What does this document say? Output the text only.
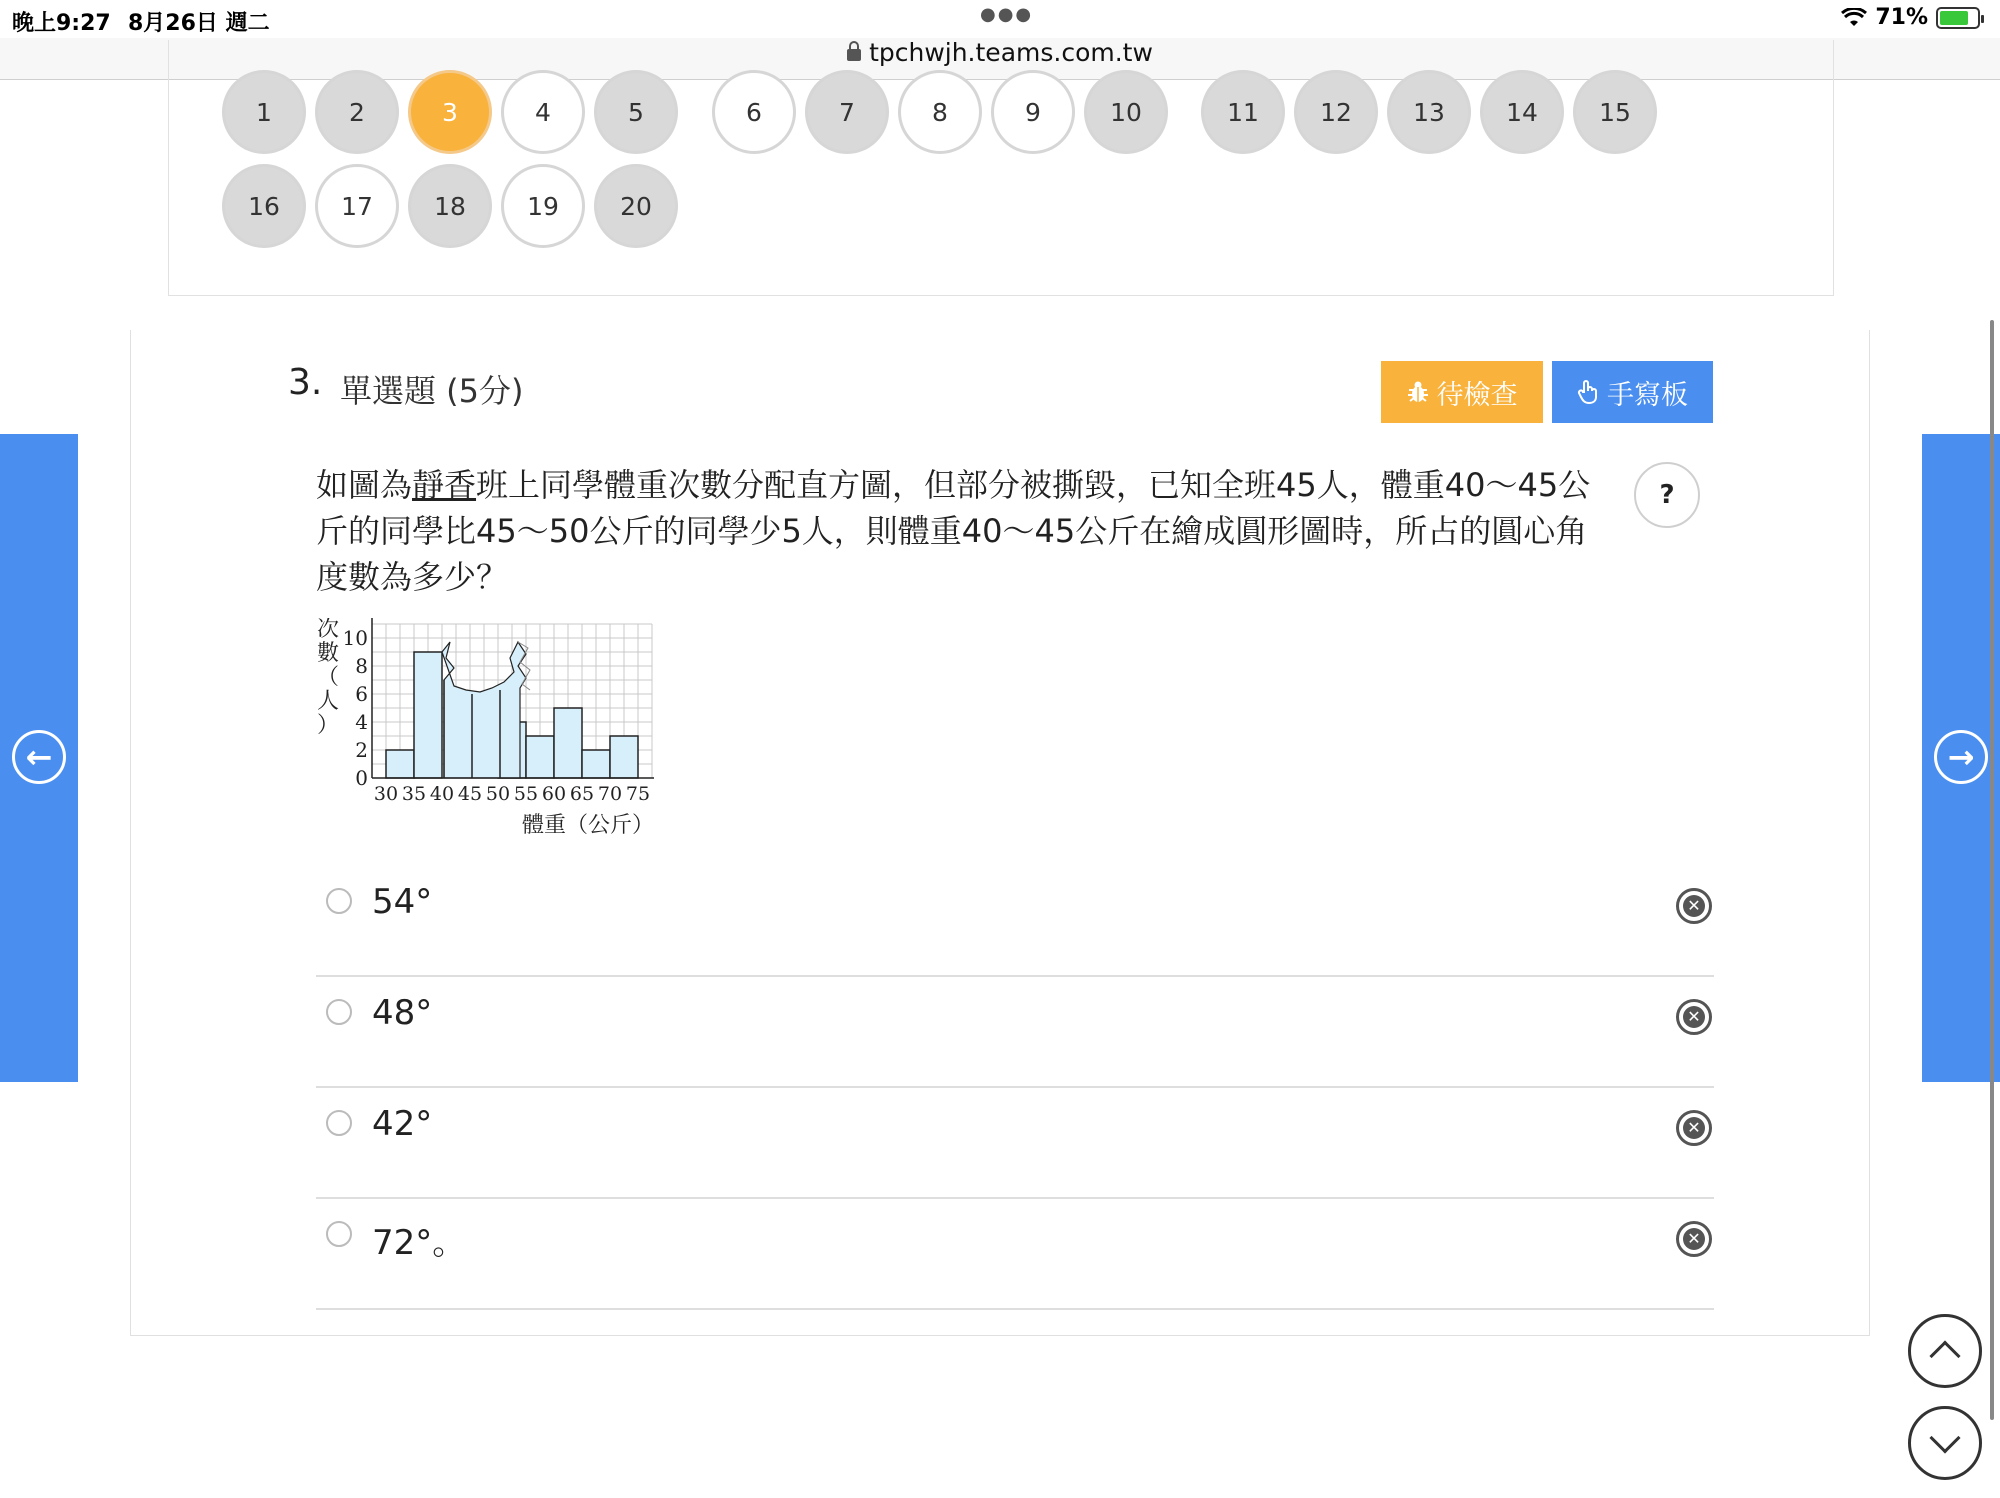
晚上9:27 8月26日 週二	●●●	71%
tpchwjh.teams.com.tw
1	2	3	4	5	6	7	8	9	10	11	12	13	14	15
16	17	18	19	20
3. 單選題 (5分)	待檢查	手寫板
?
如圖為靜香班上同學體重次數分配直方圖，但部分被撕毀，已知全班45人，體重40～45公斤的同學比45～50公斤的同學少5人，則體重40～45公斤在繪成圓形圖時，所占的圓心角度數為多少？
0
2
4
6
8
10
30 35 40 45 50 55 60 65 70 75
次
數
（
人
）
體重（公斤）
54°	✕
48°	✕
42°	✕
72°。	✕
←	→
